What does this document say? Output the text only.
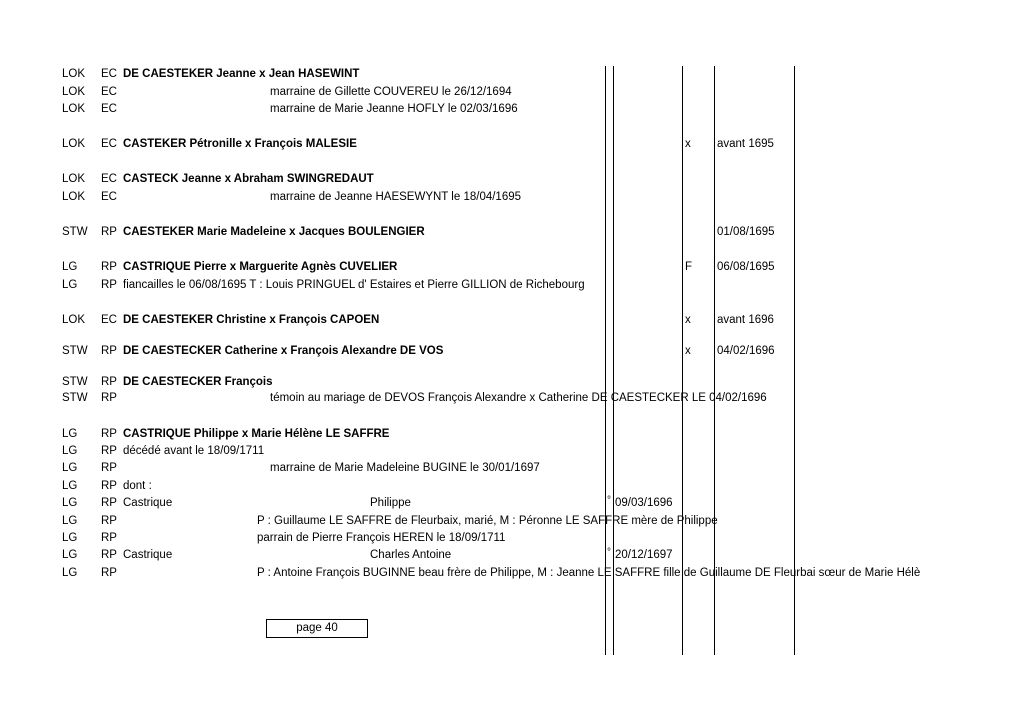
LOK EC DE CAESTEKER Jeanne x Jean HASEWINT
LOK EC	marraine de Gillette COUVEREU le 26/12/1694
LOK EC	marraine de Marie Jeanne HOFLY le 02/03/1696
LOK EC CASTEKER Pétronille x François MALESIE	x avant 1695
LOK EC CASTECK Jeanne x Abraham SWINGREDAUT
LOK EC	marraine de Jeanne HAESEWYNT le 18/04/1695
STW RP CAESTEKER Marie Madeleine x Jacques BOULENGIER	01/08/1695
LG RP CASTRIQUE Pierre x Marguerite Agnès CUVELIER	F 06/08/1695
LG RP fiancailles le 06/08/1695 T : Louis PRINGUEL d' Estaires et Pierre GILLION de Richebourg
LOK EC DE CAESTEKER Christine x François CAPOEN	x avant 1696
STW RP DE CAESTECKER Catherine x François Alexandre DE VOS	x 04/02/1696
STW RP DE CAESTECKER François
STW RP	témoin au mariage de DEVOS François Alexandre x Catherine DE CAESTECKER LE 04/02/1696
LG RP CASTRIQUE Philippe x Marie Hélène LE SAFFRE
LG RP décédé avant le 18/09/1711
LG RP	marraine de Marie Madeleine BUGINE le 30/01/1697
LG RP dont :
LG RP Castrique	Philippe	° 09/03/1696
LG RP	P : Guillaume LE SAFFRE de Fleurbaix, marié, M : Péronne LE SAFFRE mère de Philippe
LG RP	parrain de Pierre François HEREN le 18/09/1711
LG RP Castrique	Charles Antoine	° 20/12/1697
LG RP	P : Antoine François BUGINNE beau frère de Philippe, M : Jeanne LE SAFFRE fille de Guillaume DE Fleurbai sœur de Marie Hélè
page 40
